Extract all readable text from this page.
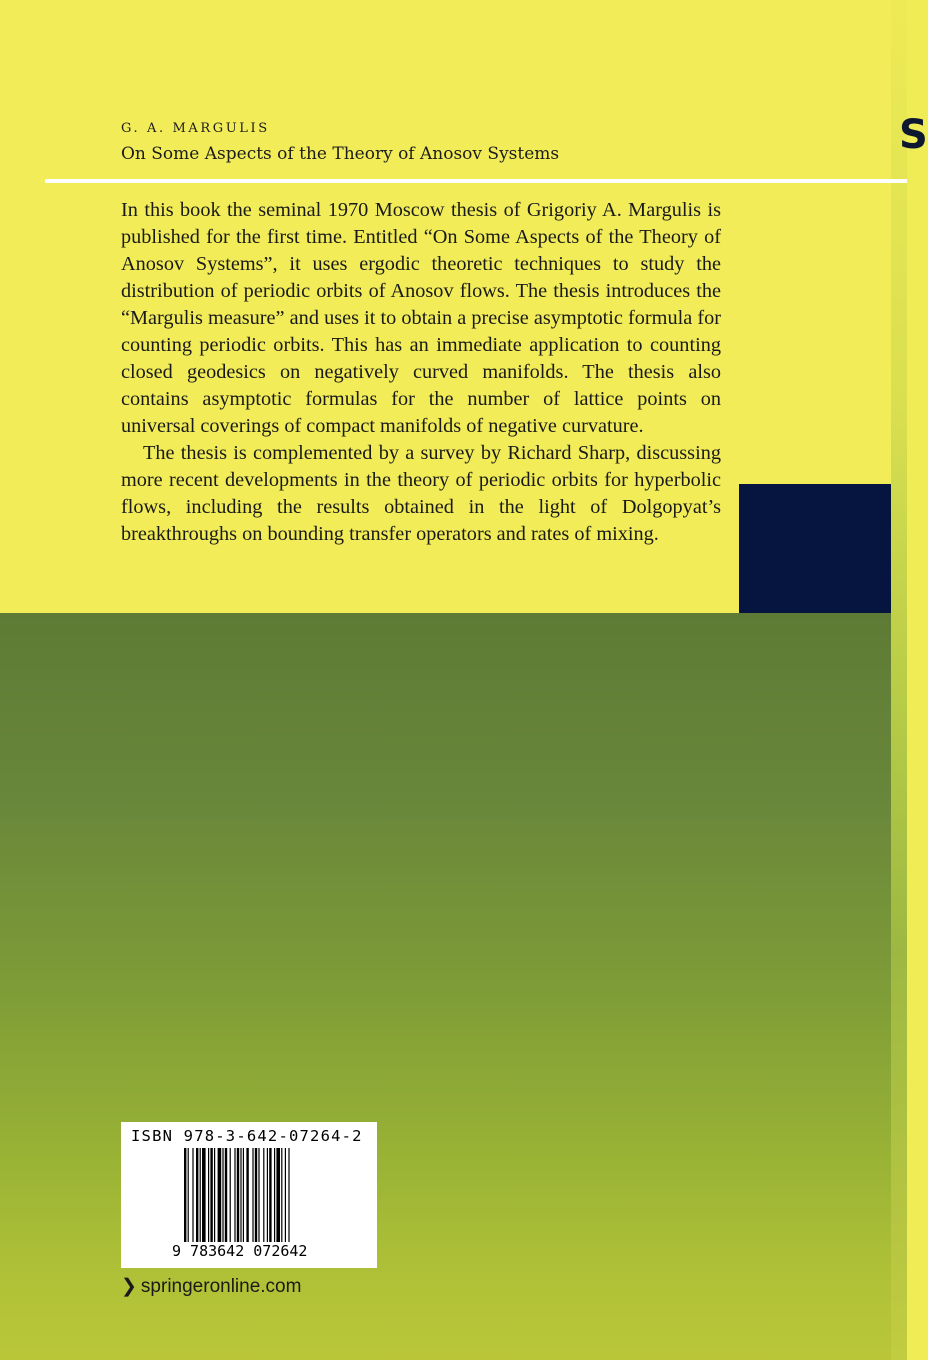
S
G. A. MARGULIS
On Some Aspects of the Theory of Anosov Systems

In this book the seminal 1970 Moscow thesis of Grigoriy A. Margulis is published for the first time. Entitled “On Some Aspects of the Theory of Anosov Systems”, it uses ergodic theoretic techniques to study the distribution of periodic orbits of Anosov flows. The thesis introduces the “Margulis measure” and uses it to obtain a precise asymptotic formula for counting periodic orbits. This has an immediate application to counting closed geodesics on negatively curved manifolds. The thesis also contains asymptotic formulas for the number of lattice points on universal coverings of compact manifolds of negative curvature.

The thesis is complemented by a survey by Richard Sharp, discussing more recent developments in the theory of periodic orbits for hyperbolic flows, including the results obtained in the light of Dolgopyat’s breakthroughs on bounding transfer operators and rates of mixing.

ISBN 978-3-642-07264-2
9 783642 072642
❯ springeronline.com
